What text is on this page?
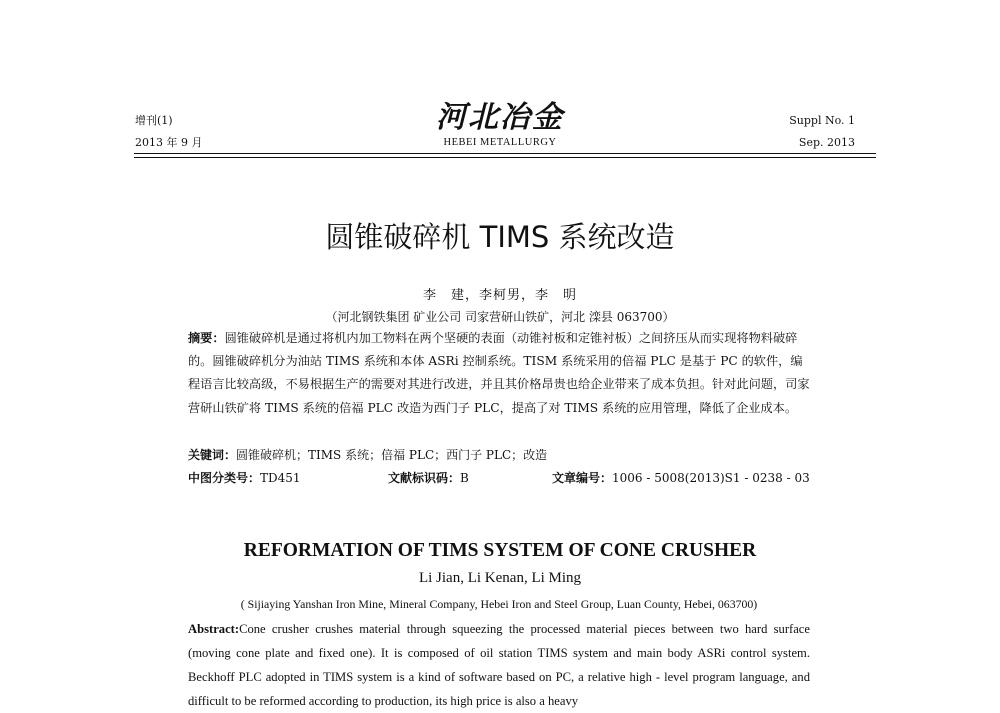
增刊(1)
2013 年 9 月
河北冶金
HEBEI METALLURGY
Suppl No. 1
Sep. 2013
圆锥破碎机 TIMS 系统改造
李　建，李柯男，李　明
（河北钢铁集团 矿业公司 司家营研山铁矿，河北 滦县 063700）
摘要：圆锥破碎机是通过将机内加工物料在两个坚硬的表面（动锥衬板和定锥衬板）之间挤压从而实现将物料破碎的。圆锥破碎机分为油站 TIMS 系统和本体 ASRi 控制系统。TISM 系统采用的倍福 PLC 是基于 PC 的软件，编程语言比较高级，不易根据生产的需要对其进行改进，并且其价格昂贵也给企业带来了成本负担。针对此问题，司家营研山铁矿将 TIMS 系统的倍福 PLC 改造为西门子 PLC，提高了对 TIMS 系统的应用管理，降低了企业成本。
关键词：圆锥破碎机；TIMS 系统；倍福 PLC；西门子 PLC；改造
中图分类号：TD451	文献标识码：B	文章编号：1006 - 5008(2013)S1 - 0238 - 03
REFORMATION OF TIMS SYSTEM OF CONE CRUSHER
Li Jian, Li Kenan, Li Ming
( Sijiaying Yanshan Iron Mine, Mineral Company, Hebei Iron and Steel Group, Luan County, Hebei, 063700)
Abstract:Cone crusher crushes material through squeezing the processed material pieces between two hard surface (moving cone plate and fixed one). It is composed of oil station TIMS system and main body ASRi control system. Beckhoff PLC adopted in TIMS system is a kind of software based on PC, a relative high - level program language, and difficult to be reformed according to production, its high price is also a heavy
